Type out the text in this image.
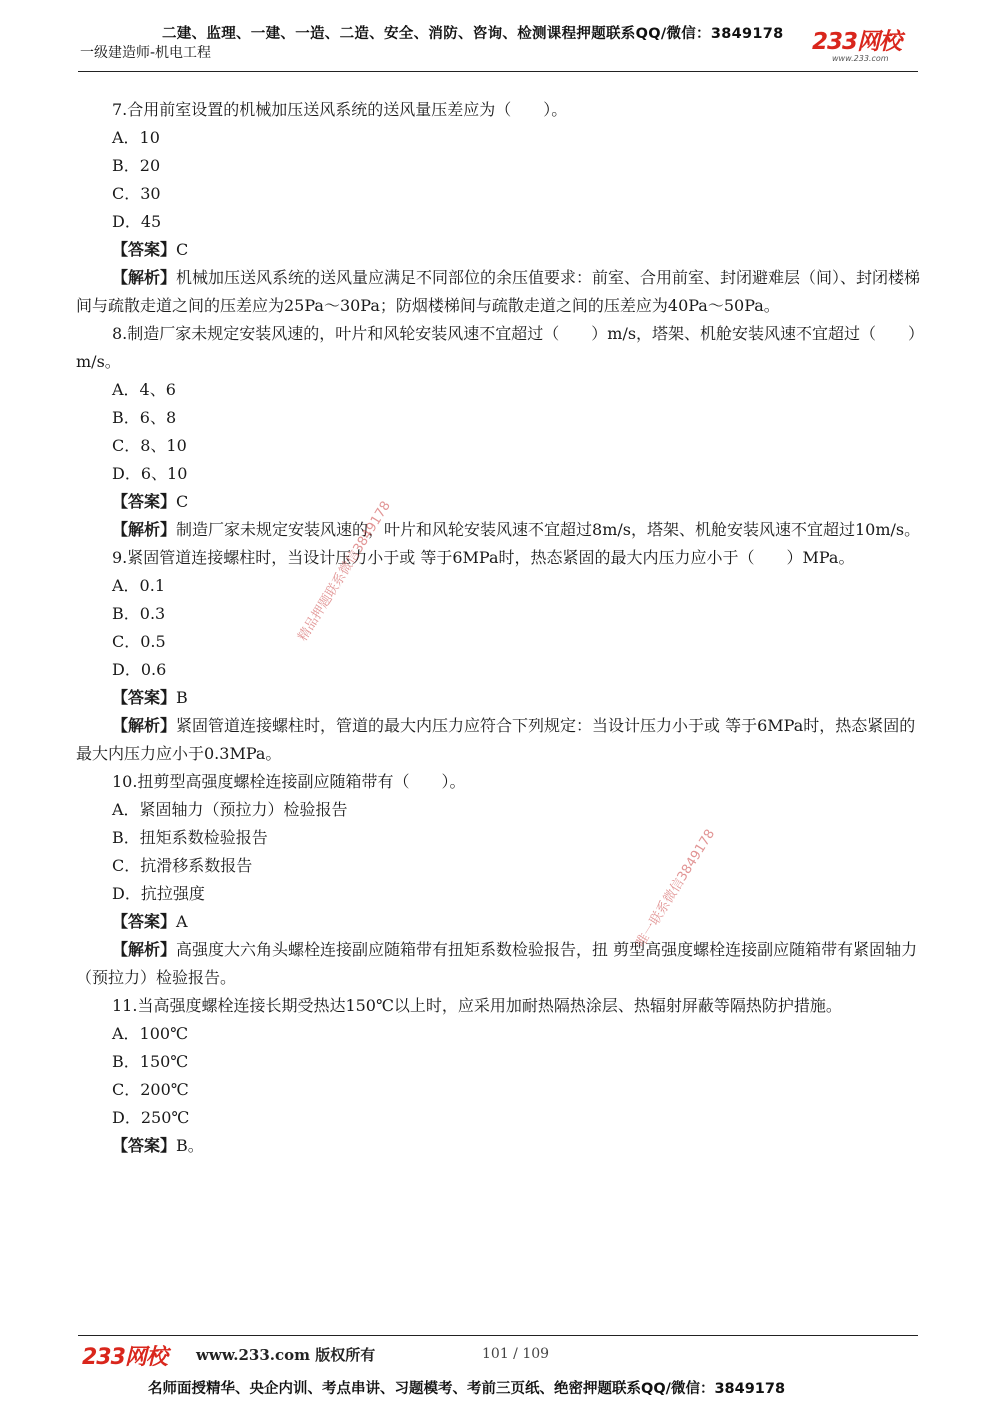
二建、监理、一建、一造、二造、安全、消防、咨询、检测课程押题联系QQ/微信：3849178
一级建造师-机电工程	233网校
www.233.com
7.合用前室设置的机械加压送风系统的送风量压差应为（　　）。
A．10
B．20
C．30
D．45
【答案】C
【解析】机械加压送风系统的送风量应满足不同部位的余压值要求：前室、合用前室、封闭避难层（间）、封闭楼梯间与疏散走道之间的压差应为25Pa～30Pa；防烟楼梯间与疏散走道之间的压差应为40Pa～50Pa。
8.制造厂家未规定安装风速的，叶片和风轮安装风速不宜超过（　　）m/s，塔架、机舱安装风速不宜超过（　　）m/s。
A．4、6
B．6、8
C．8、10
D．6、10
【答案】C
【解析】制造厂家未规定安装风速的，叶片和风轮安装风速不宜超过8m/s，塔架、机舱安装风速不宜超过10m/s。
9.紧固管道连接螺柱时，当设计压力小于或 等于6MPa时，热态紧固的最大内压力应小于（　　）MPa。
A．0.1
B．0.3
C．0.5
D．0.6
【答案】B
【解析】紧固管道连接螺柱时，管道的最大内压力应符合下列规定：当设计压力小于或 等于6MPa时，热态紧固的最大内压力应小于0.3MPa。
10.扭剪型高强度螺栓连接副应随箱带有（　　）。
A．紧固轴力（预拉力）检验报告
B．扭矩系数检验报告
C．抗滑移系数报告
D．抗拉强度
【答案】A
【解析】高强度大六角头螺栓连接副应随箱带有扭矩系数检验报告，扭 剪型高强度螺栓连接副应随箱带有紧固轴力（预拉力）检验报告。
11.当高强度螺栓连接长期受热达150℃以上时，应采用加耐热隔热涂层、热辐射屏蔽等隔热防护措施。
A．100℃
B．150℃
C．200℃
D．250℃
【答案】B。
精品押题联系微信3849178
唯一联系微信3849178
233网校 www.233.com 版权所有	101 / 109
名师面授精华、央企内训、考点串讲、习题模考、考前三页纸、绝密押题联系QQ/微信：3849178
